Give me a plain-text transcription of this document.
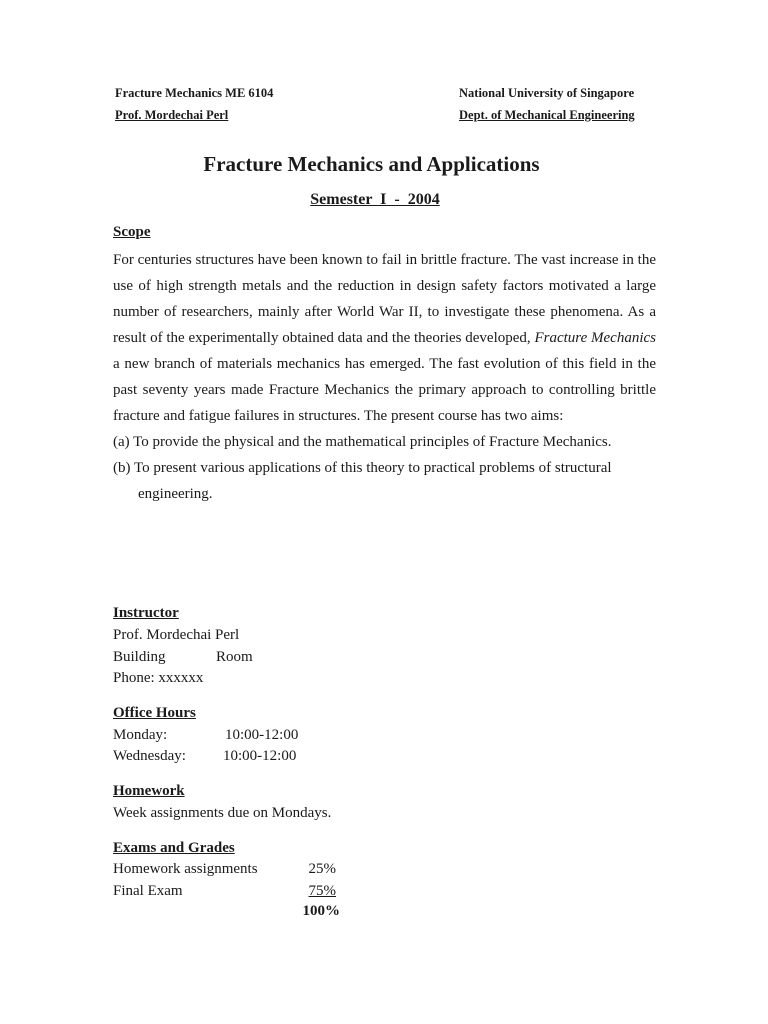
Fracture Mechanics ME 6104
Prof. Mordechai Perl
National University of Singapore
Dept. of Mechanical Engineering
Fracture Mechanics and Applications
Semester  I  -  2004
Scope

For centuries structures have been known to fail in brittle fracture. The vast increase in the use of high strength metals and the reduction in design safety factors motivated a large number of researchers, mainly after World War II, to investigate these phenomena. As a result of the experimentally obtained data and the theories developed, Fracture Mechanics a new branch of materials mechanics has emerged. The fast evolution of this field in the past seventy years made Fracture Mechanics the primary approach to controlling brittle fracture and fatigue failures in structures. The present course has two aims:

(a) To provide the physical and the mathematical principles of Fracture Mechanics.
(b) To present various applications of this theory to practical problems of structural engineering.
Instructor
Prof. Mordechai Perl
Building	Room
Phone: xxxxxx
Office Hours
Monday:	10:00-12:00
Wednesday: 10:00-12:00
Homework
Week assignments due on Mondays.
Exams and Grades
Homework assignments	25%
Final Exam	75%
100%
